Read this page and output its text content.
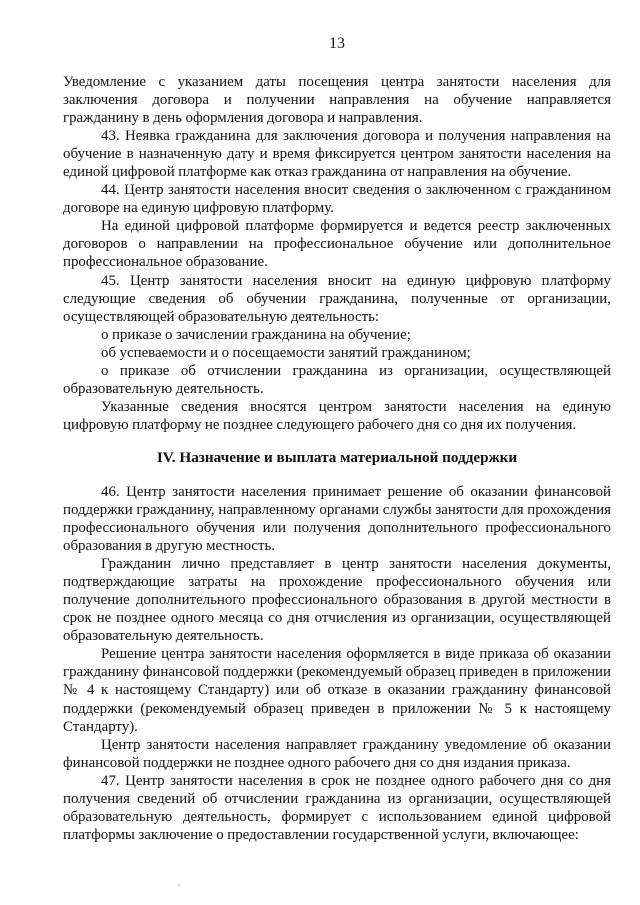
13

Уведомление с указанием даты посещения центра занятости населения для заключения договора и получении направления на обучение направляется гражданину в день оформления договора и направления.

43. Неявка гражданина для заключения договора и получения направления на обучение в назначенную дату и время фиксируется центром занятости населения на единой цифровой платформе как отказ гражданина от направления на обучение.

44. Центр занятости населения вносит сведения о заключенном с гражданином договоре на единую цифровую платформу.

На единой цифровой платформе формируется и ведется реестр заключенных договоров о направлении на профессиональное обучение или дополнительное профессиональное образование.

45. Центр занятости населения вносит на единую цифровую платформу следующие сведения об обучении гражданина, полученные от организации, осуществляющей образовательную деятельность:

о приказе о зачислении гражданина на обучение;

об успеваемости и о посещаемости занятий гражданином;

о приказе об отчислении гражданина из организации, осуществляющей образовательную деятельность.

Указанные сведения вносятся центром занятости населения на единую цифровую платформу не позднее следующего рабочего дня со дня их получения.

IV. Назначение и выплата материальной поддержки

46. Центр занятости населения принимает решение об оказании финансовой поддержки гражданину, направленному органами службы занятости для прохождения профессионального обучения или получения дополнительного профессионального образования в другую местность.

Гражданин лично представляет в центр занятости населения документы, подтверждающие затраты на прохождение профессионального обучения или получение дополнительного профессионального образования в другой местности в срок не позднее одного месяца со дня отчисления из организации, осуществляющей образовательную деятельность.

Решение центра занятости населения оформляется в виде приказа об оказании гражданину финансовой поддержки (рекомендуемый образец приведен в приложении № 4 к настоящему Стандарту) или об отказе в оказании гражданину финансовой поддержки (рекомендуемый образец приведен в приложении № 5 к настоящему Стандарту).

Центр занятости населения направляет гражданину уведомление об оказании финансовой поддержки не позднее одного рабочего дня со дня издания приказа.

47. Центр занятости населения в срок не позднее одного рабочего дня со дня получения сведений об отчислении гражданина из организации, осуществляющей образовательную деятельность, формирует с использованием единой цифровой платформы заключение о предоставлении государственной услуги, включающее:
